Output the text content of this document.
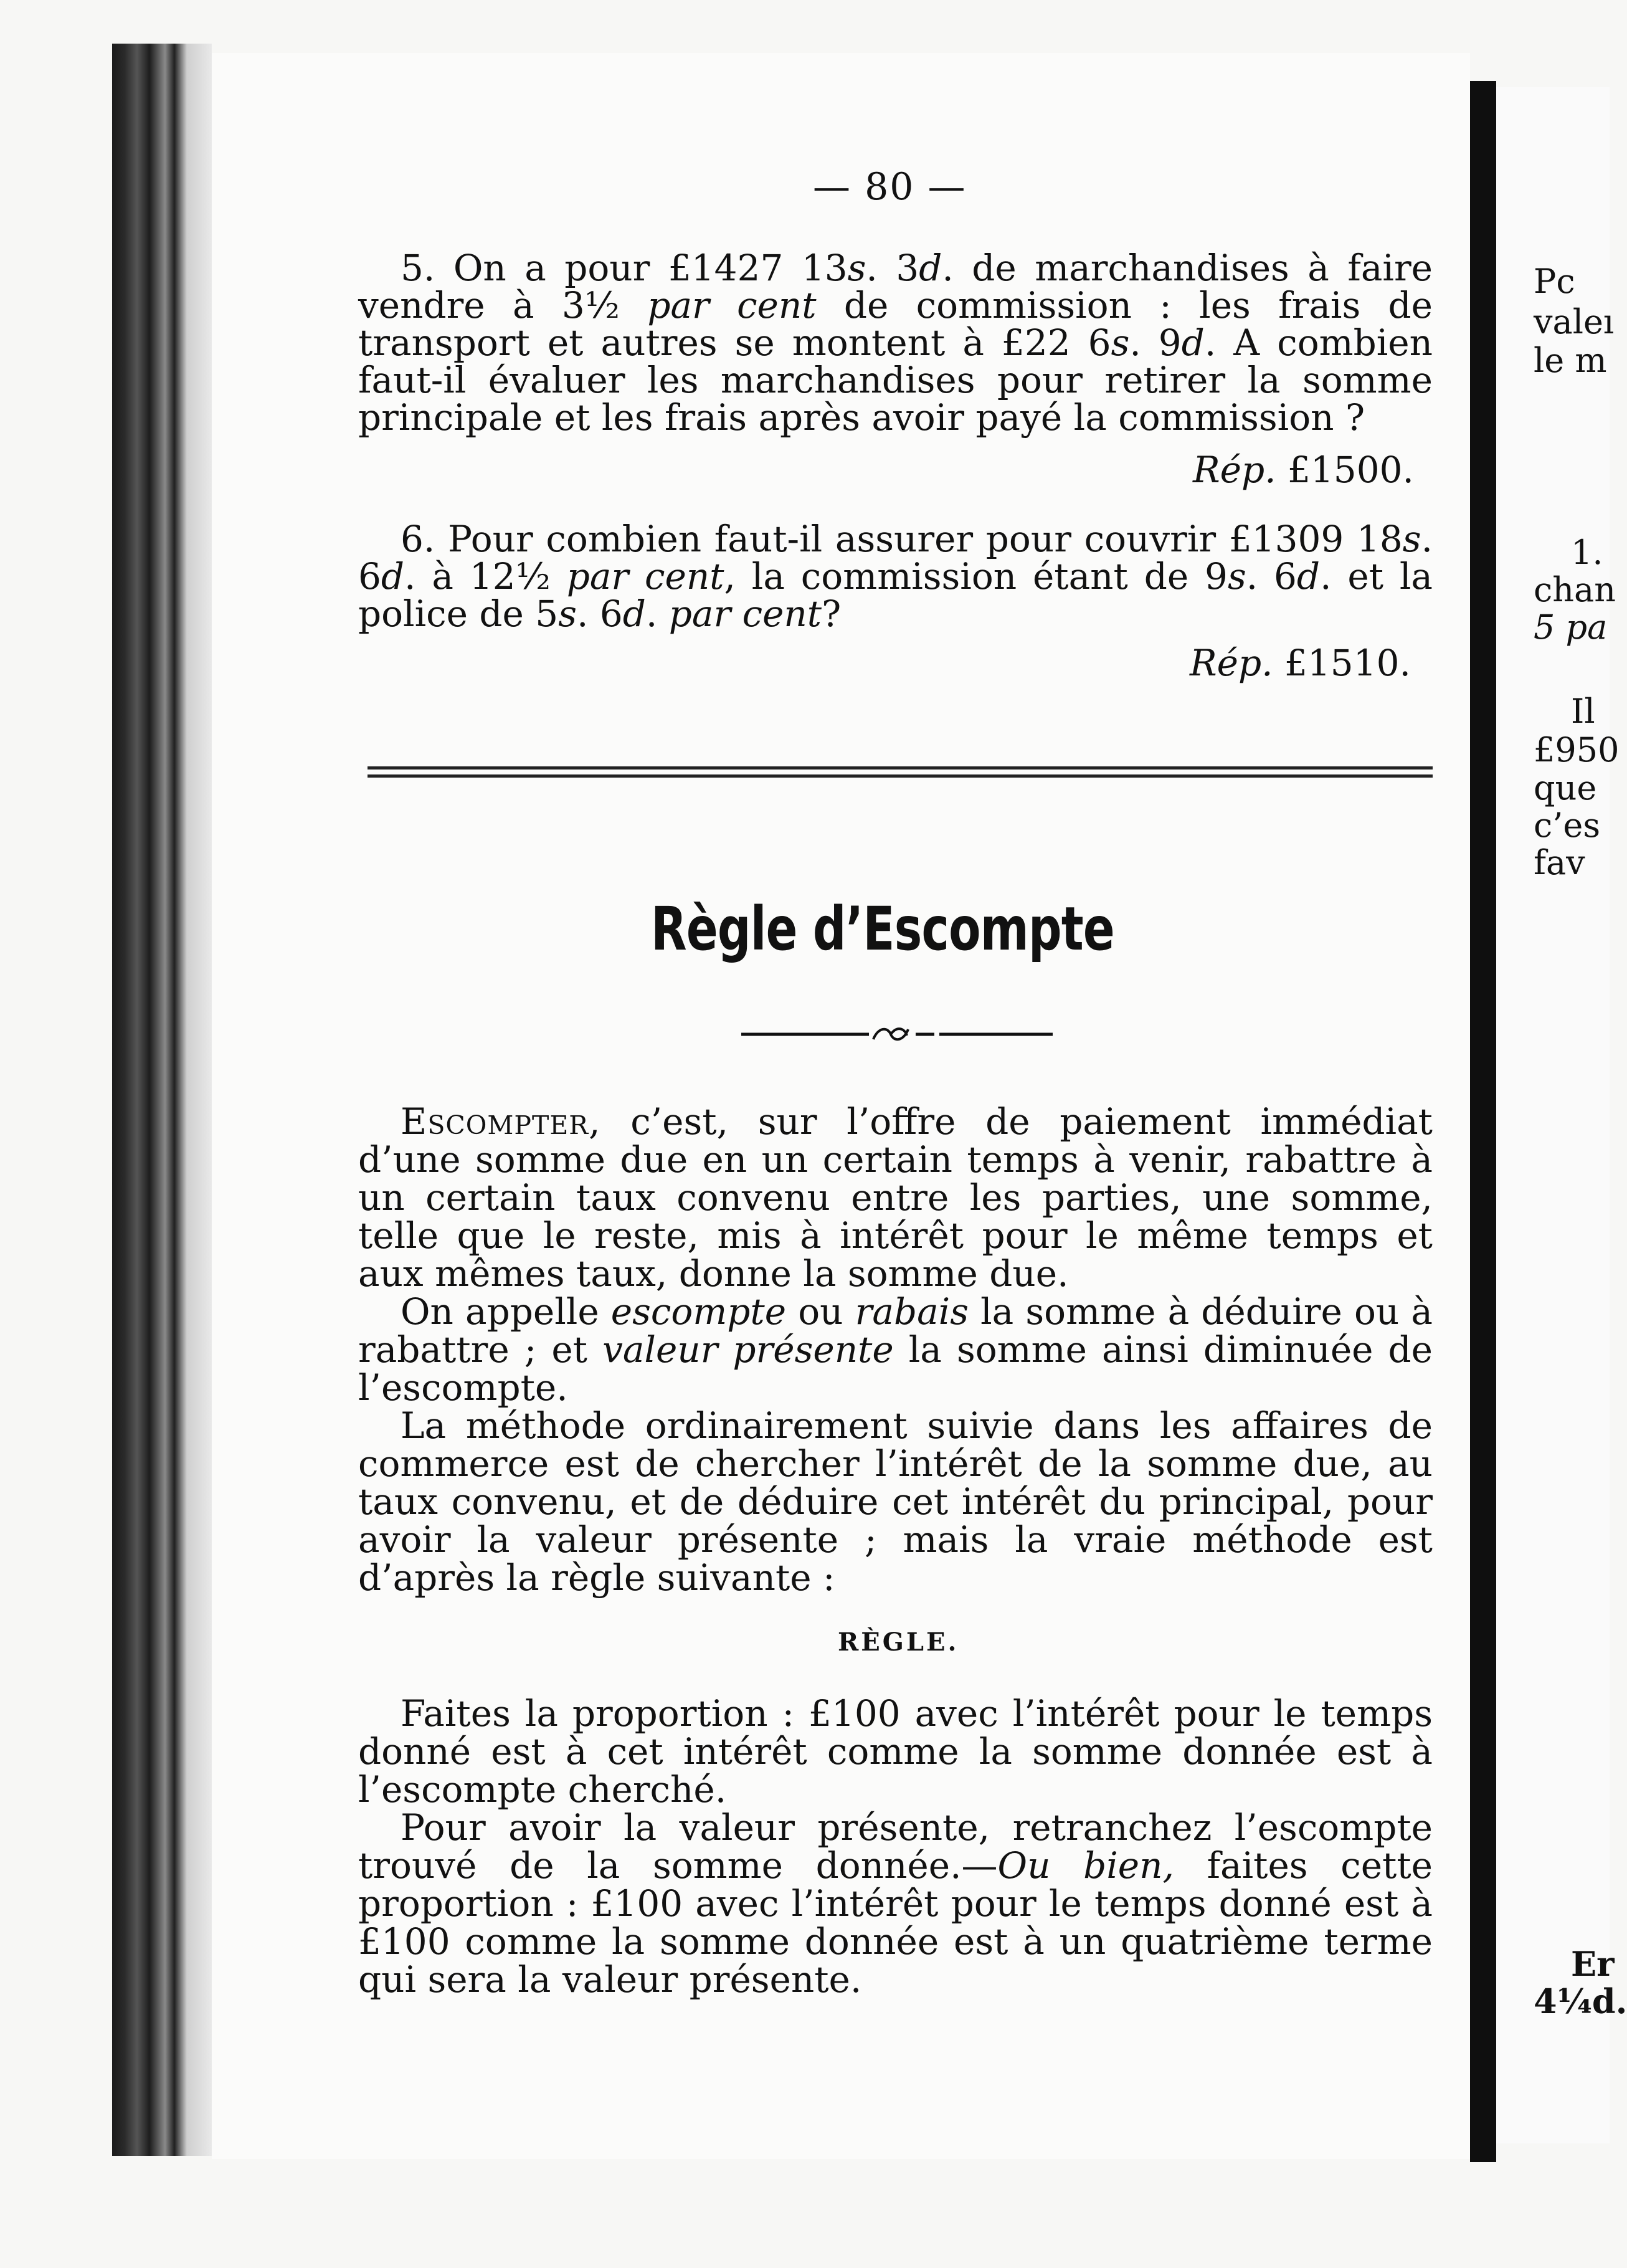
Pc
valeı
le m
1.
chan
5 pa
Il
£950
que
c’es
fav
Er
4¼d.
— 80 —

5. On a pour £1427 13s. 3d. de marchandises à faire vendre à 3½ par cent de commission : les frais de transport et autres se montent à £22 6s. 9d. A combien faut-il évaluer les marchandises pour retirer la somme principale et les frais après avoir payé la commission ?

Rép. £1500.

6. Pour combien faut-il assurer pour couvrir £1309 18s. 6d. à 12½ par cent, la commission étant de 9s. 6d. et la police de 5s. 6d. par cent?

Rép. £1510.
Règle d’Escompte

Escompter, c’est, sur l’offre de paiement immédiat d’une somme due en un certain temps à venir, rabattre à un certain taux convenu entre les parties, une somme, telle que le reste, mis à intérêt pour le même temps et aux mêmes taux, donne la somme due.

On appelle escompte ou rabais la somme à déduire ou à rabattre ; et valeur présente la somme ainsi diminuée de l’escompte.

La méthode ordinairement suivie dans les affaires de commerce est de chercher l’intérêt de la somme due, au taux convenu, et de déduire cet intérêt du principal, pour avoir la valeur présente ; mais la vraie méthode est d’après la règle suivante :

RÈGLE.

Faites la proportion : £100 avec l’intérêt pour le temps donné est à cet intérêt comme la somme donnée est à l’escompte cherché.

Pour avoir la valeur présente, retranchez l’escompte trouvé de la somme donnée.—Ou bien, faites cette proportion : £100 avec l’intérêt pour le temps donné est à £100 comme la somme donnée est à un quatrième terme qui sera la valeur présente.
